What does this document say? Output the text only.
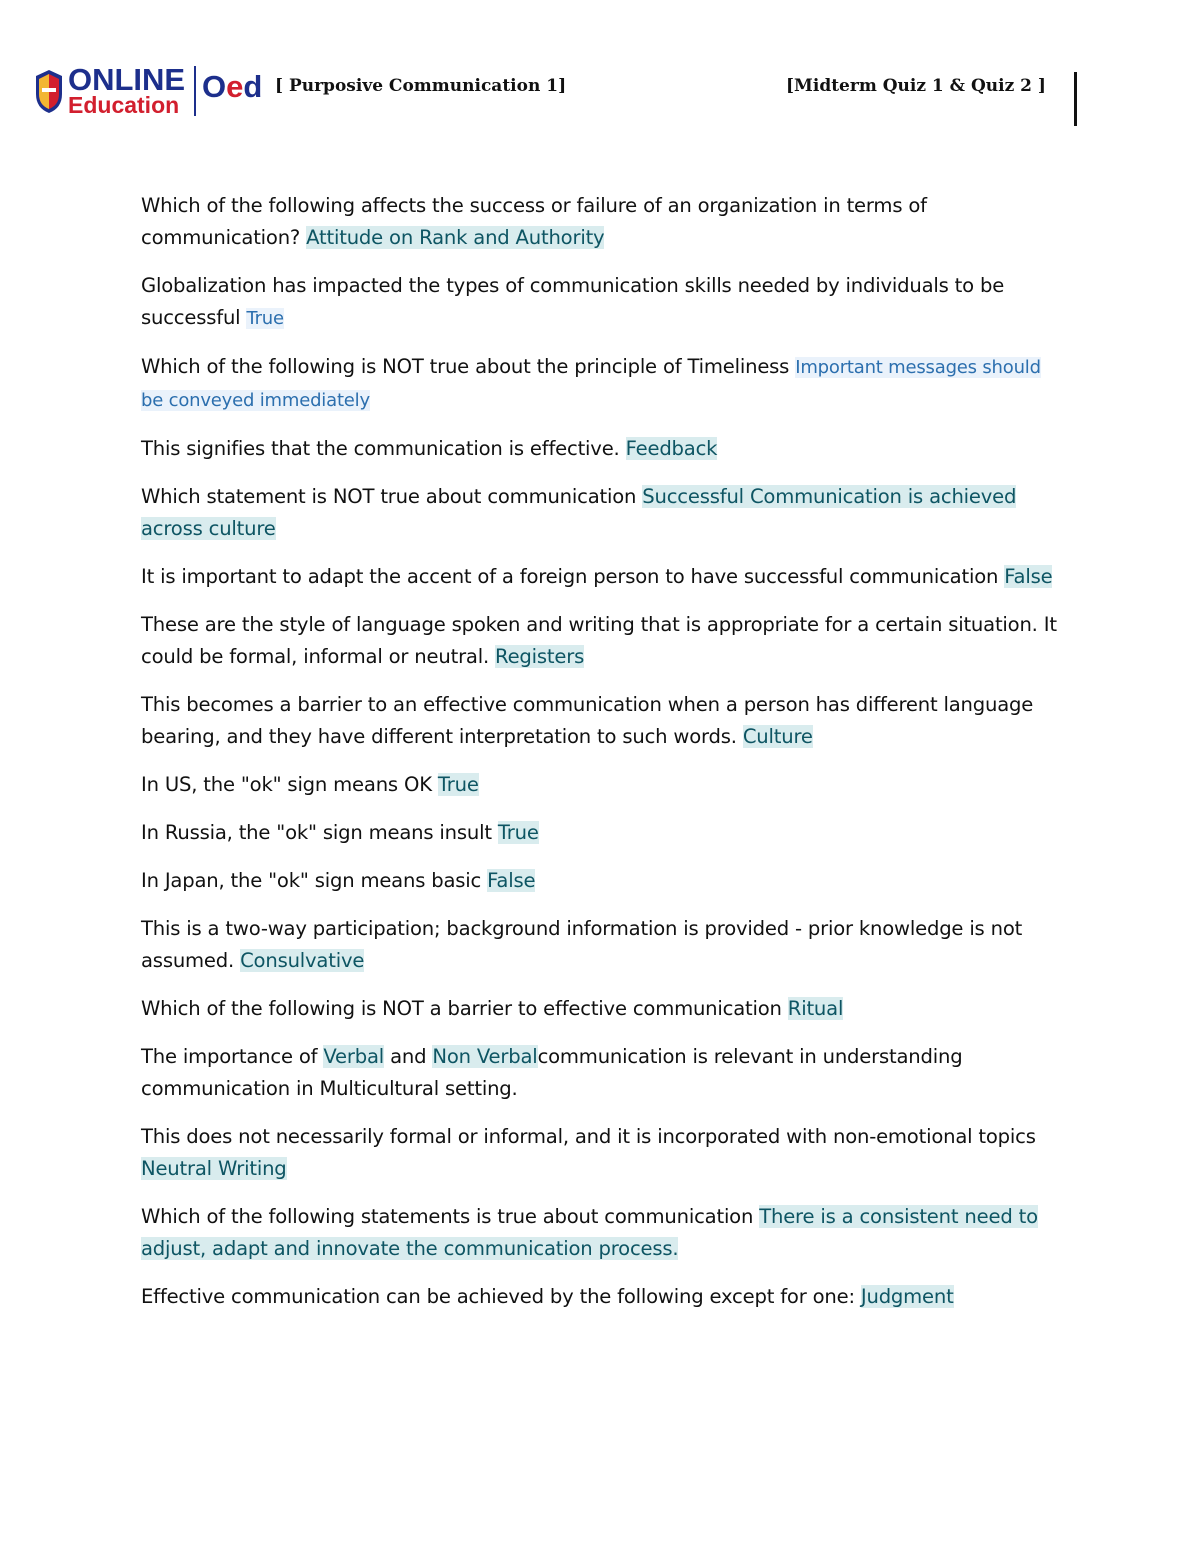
ONLINE
Education
Oed [ Purposive Communication 1]	[Midterm Quiz 1 & Quiz 2 ]

Which of the following affects the success or failure of an organization in terms of communication? Attitude on Rank and Authority

Globalization has impacted the types of communication skills needed by individuals to be successful True

Which of the following is NOT true about the principle of Timeliness Important messages should be conveyed immediately

This signifies that the communication is effective. Feedback

Which statement is NOT true about communication Successful Communication is achieved across culture

It is important to adapt the accent of a foreign person to have successful communication False

These are the style of language spoken and writing that is appropriate for a certain situation. It could be formal, informal or neutral. Registers

This becomes a barrier to an effective communication when a person has different language bearing, and they have different interpretation to such words. Culture

In US, the "ok" sign means OK True

In Russia, the "ok" sign means insult True

In Japan, the "ok" sign means basic False

This is a two-way participation; background information is provided - prior knowledge is not assumed. Consulvative

Which of the following is NOT a barrier to effective communication Ritual

The importance of Verbal and Non Verbalcommunication is relevant in understanding communication in Multicultural setting.

This does not necessarily formal or informal, and it is incorporated with non-emotional topics Neutral Writing

Which of the following statements is true about communication There is a consistent need to adjust, adapt and innovate the communication process.

Effective communication can be achieved by the following except for one: Judgment
